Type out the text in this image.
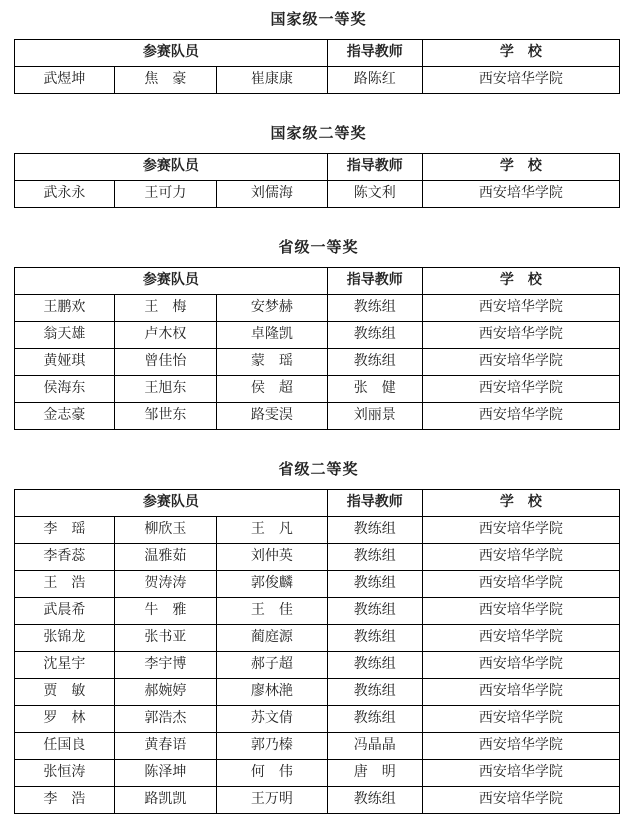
国家级一等奖
参赛队员			指导教师	学　校
武煜坤	焦　豪	崔康康	路陈红	西安培华学院
国家级二等奖
参赛队员			指导教师	学　校
武永永	王可力	刘儒海	陈文利	西安培华学院
省级一等奖
参赛队员			指导教师	学　校
王鹏欢	王　梅	安梦赫	教练组	西安培华学院
翁天雄	卢木权	卓隆凯	教练组	西安培华学院
黄娅琪	曾佳怡	蒙　瑶	教练组	西安培华学院
侯海东	王旭东	侯　超	张　健	西安培华学院
金志豪	邹世东	路雯淏	刘丽景	西安培华学院
省级二等奖
参赛队员			指导教师	学　校
李　瑶	柳欣玉	王　凡	教练组	西安培华学院
李香蕊	温雅茹	刘仲英	教练组	西安培华学院
王　浩	贺涛涛	郭俊麟	教练组	西安培华学院
武晨希	牛　雅	王　佳	教练组	西安培华学院
张锦龙	张书亚	蔺庭源	教练组	西安培华学院
沈星宇	李宇博	郝子超	教练组	西安培华学院
贾　敏	郝婉婷	廖林滟	教练组	西安培华学院
罗　林	郭浩杰	苏文倩	教练组	西安培华学院
任国良	黄春语	郭乃榛	冯晶晶	西安培华学院
张恒涛	陈泽坤	何　伟	唐　明	西安培华学院
李　浩	路凯凯	王万明	教练组	西安培华学院
